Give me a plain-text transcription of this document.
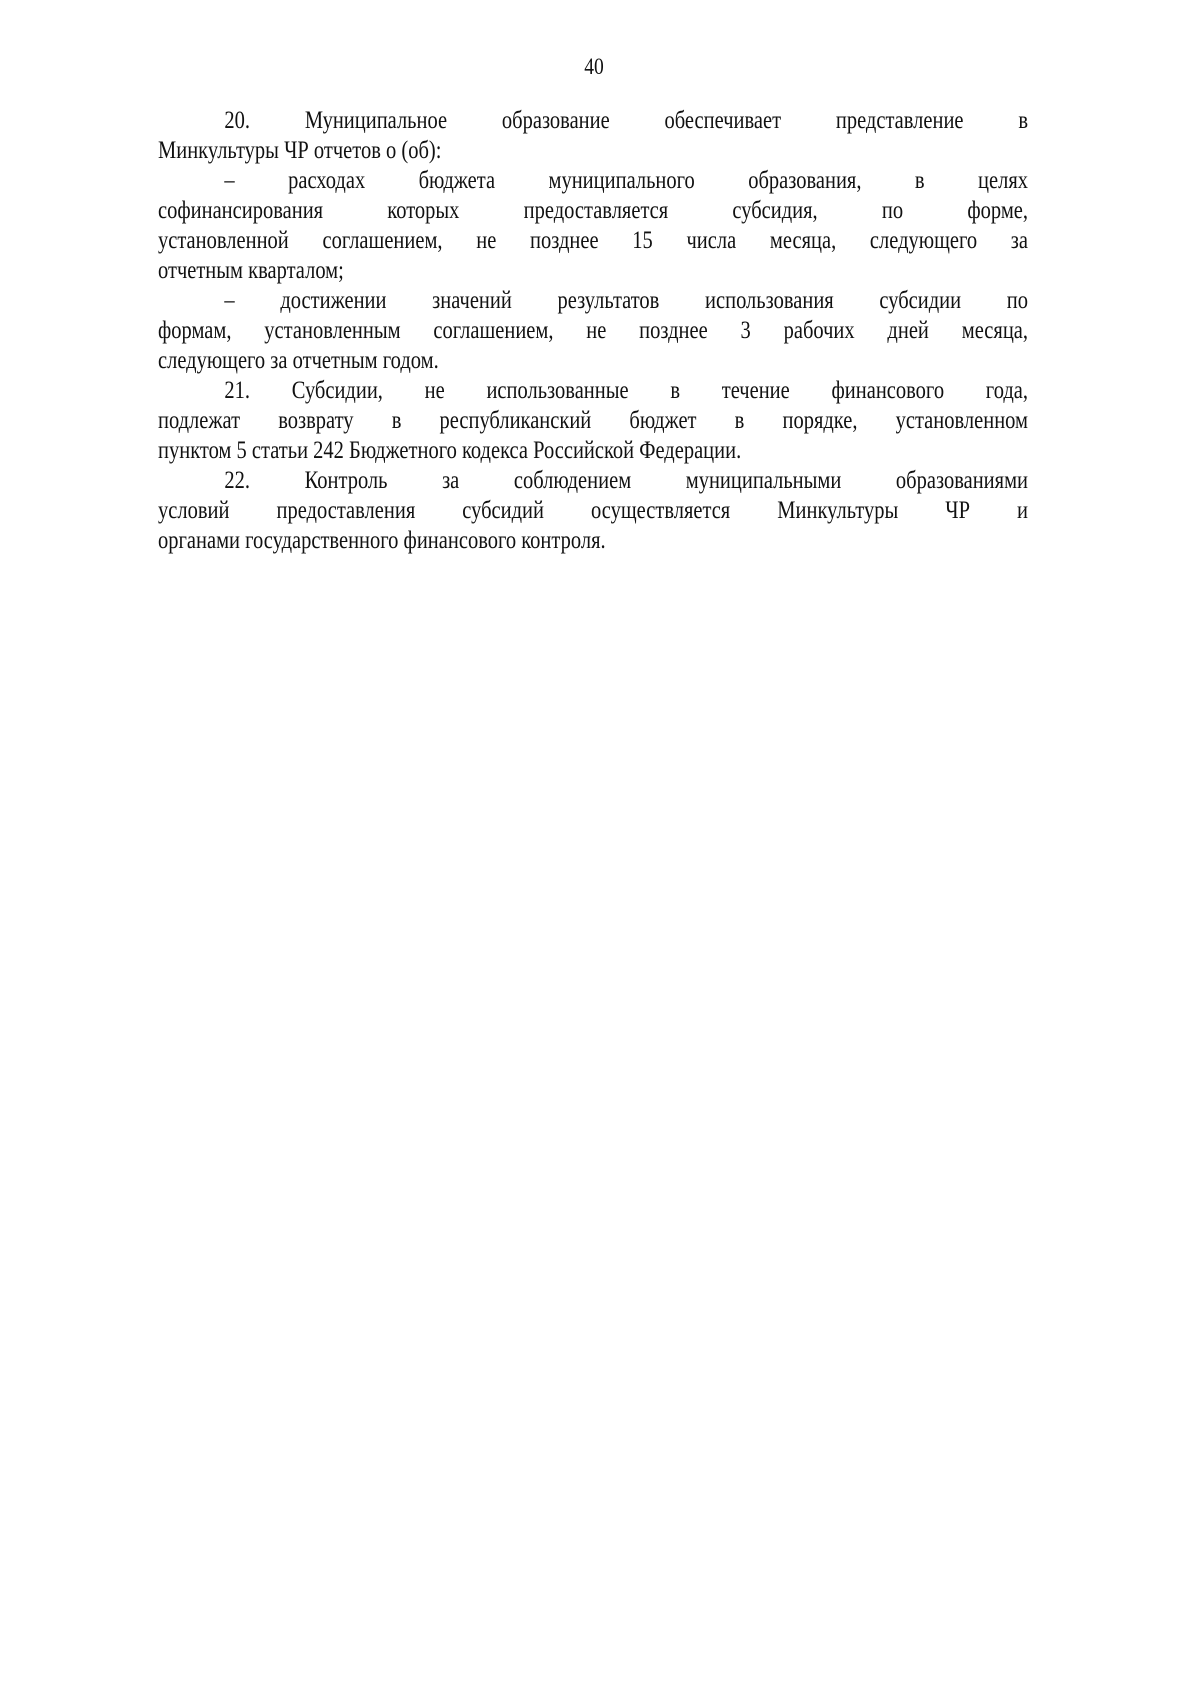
40
20. Муниципальное образование обеспечивает представление в
Минкультуры ЧР отчетов о (об):
– расходах бюджета муниципального образования, в целях
софинансирования которых предоставляется субсидия, по форме,
установленной соглашением, не позднее 15 числа месяца, следующего за
отчетным кварталом;
– достижении значений результатов использования субсидии по
формам, установленным соглашением, не позднее 3 рабочих дней месяца,
следующего за отчетным годом.
21. Субсидии, не использованные в течение финансового года,
подлежат возврату в республиканский бюджет в порядке, установленном
пунктом 5 статьи 242 Бюджетного кодекса Российской Федерации.
22. Контроль за соблюдением муниципальными образованиями
условий предоставления субсидий осуществляется Минкультуры ЧР и
органами государственного финансового контроля.
